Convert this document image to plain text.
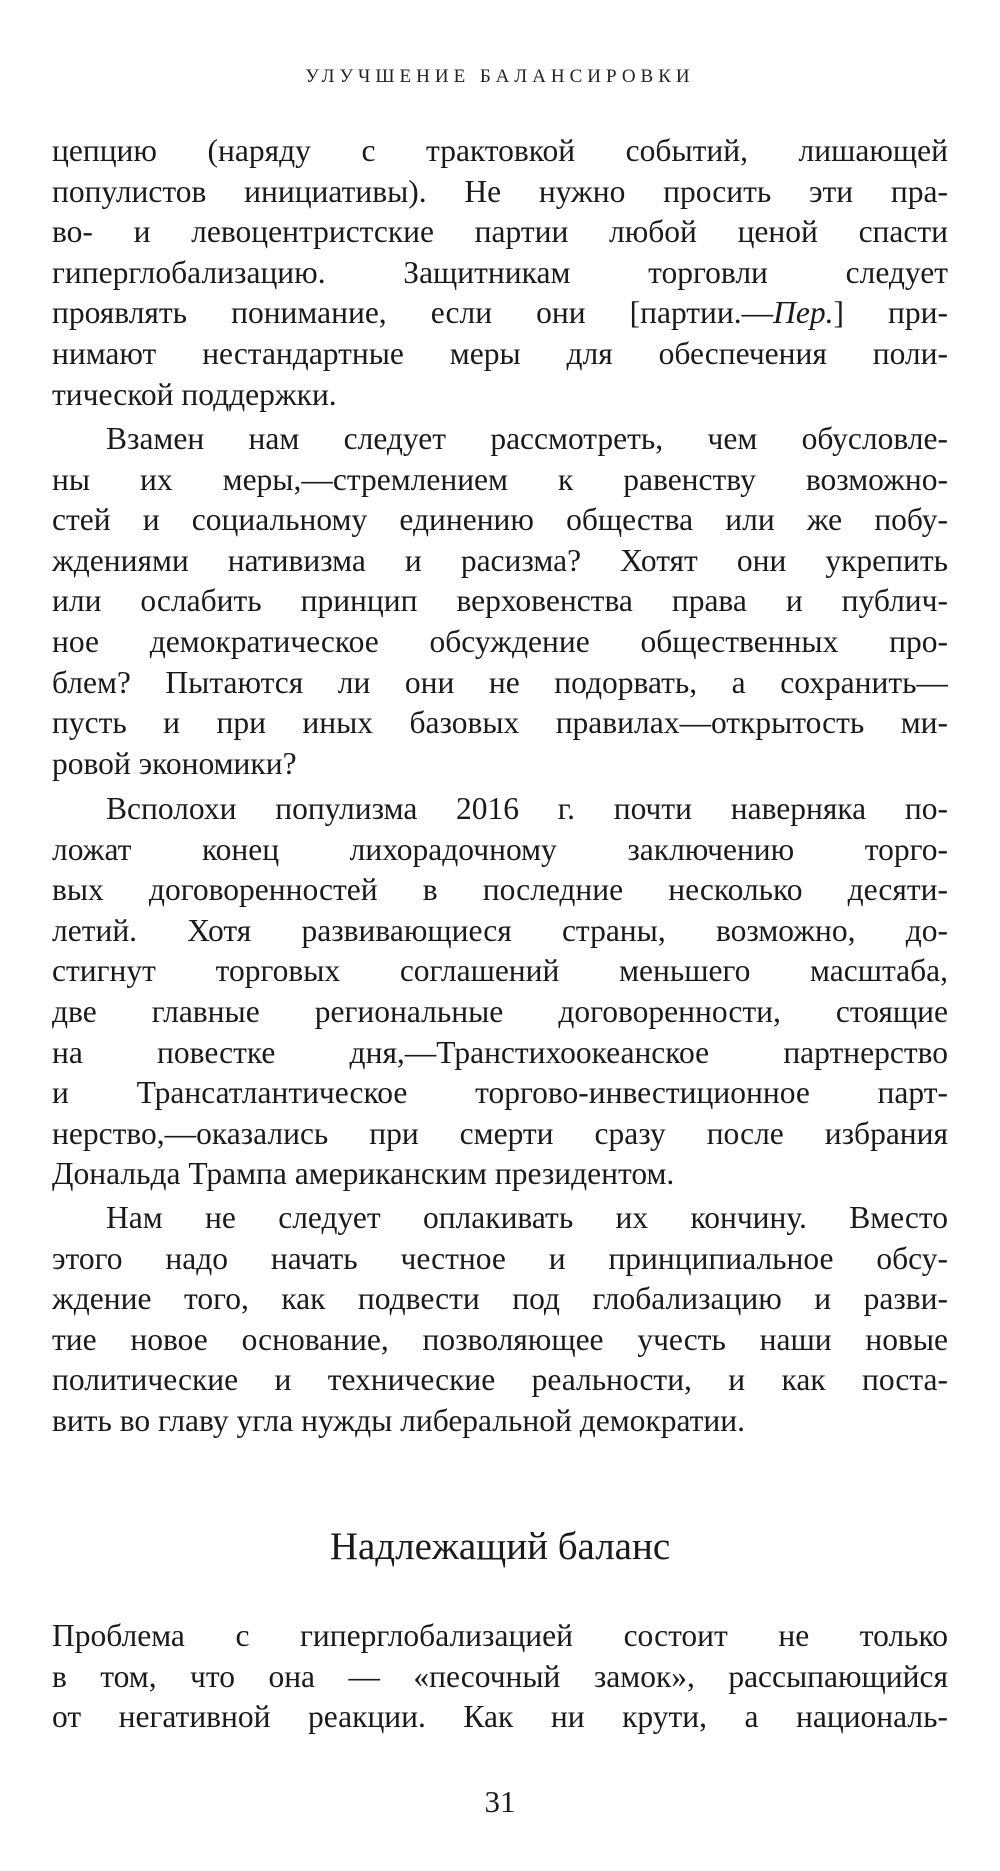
УЛУЧШЕНИЕ БАЛАНСИРОВКИ
цепцию (наряду с трактовкой событий, лишающей
популистов инициативы). Не нужно просить эти пра-
во- и левоцентристские партии любой ценой спасти
гиперглобализацию. Защитникам торговли следует
проявлять понимание, если они [партии.—Пер.] при-
нимают нестандартные меры для обеспечения поли-
тической поддержки.
Взамен нам следует рассмотреть, чем обусловле-
ны их меры,—стремлением к равенству возможно-
стей и социальному единению общества или же побу-
ждениями нативизма и расизма? Хотят они укрепить
или ослабить принцип верховенства права и публич-
ное демократическое обсуждение общественных про-
блем? Пытаются ли они не подорвать, а сохранить—
пусть и при иных базовых правилах—открытость ми-
ровой экономики?
Всполохи популизма 2016 г. почти наверняка по-
ложат конец лихорадочному заключению торго-
вых договоренностей в последние несколько десяти-
летий. Хотя развивающиеся страны, возможно, до-
стигнут торговых соглашений меньшего масштаба,
две главные региональные договоренности, стоящие
на повестке дня,—Транстихоокеанское партнерство
и Трансатлантическое торгово-инвестиционное парт-
нерство,—оказались при смерти сразу после избрания
Дональда Трампа американским президентом.
Нам не следует оплакивать их кончину. Вместо
этого надо начать честное и принципиальное обсу-
ждение того, как подвести под глобализацию и разви-
тие новое основание, позволяющее учесть наши новые
политические и технические реальности, и как поста-
вить во главу угла нужды либеральной демократии.
Надлежащий баланс
Проблема с гиперглобализацией состоит не только
в том, что она — «песочный замок», рассыпающийся
от негативной реакции. Как ни крути, а националь-
31
